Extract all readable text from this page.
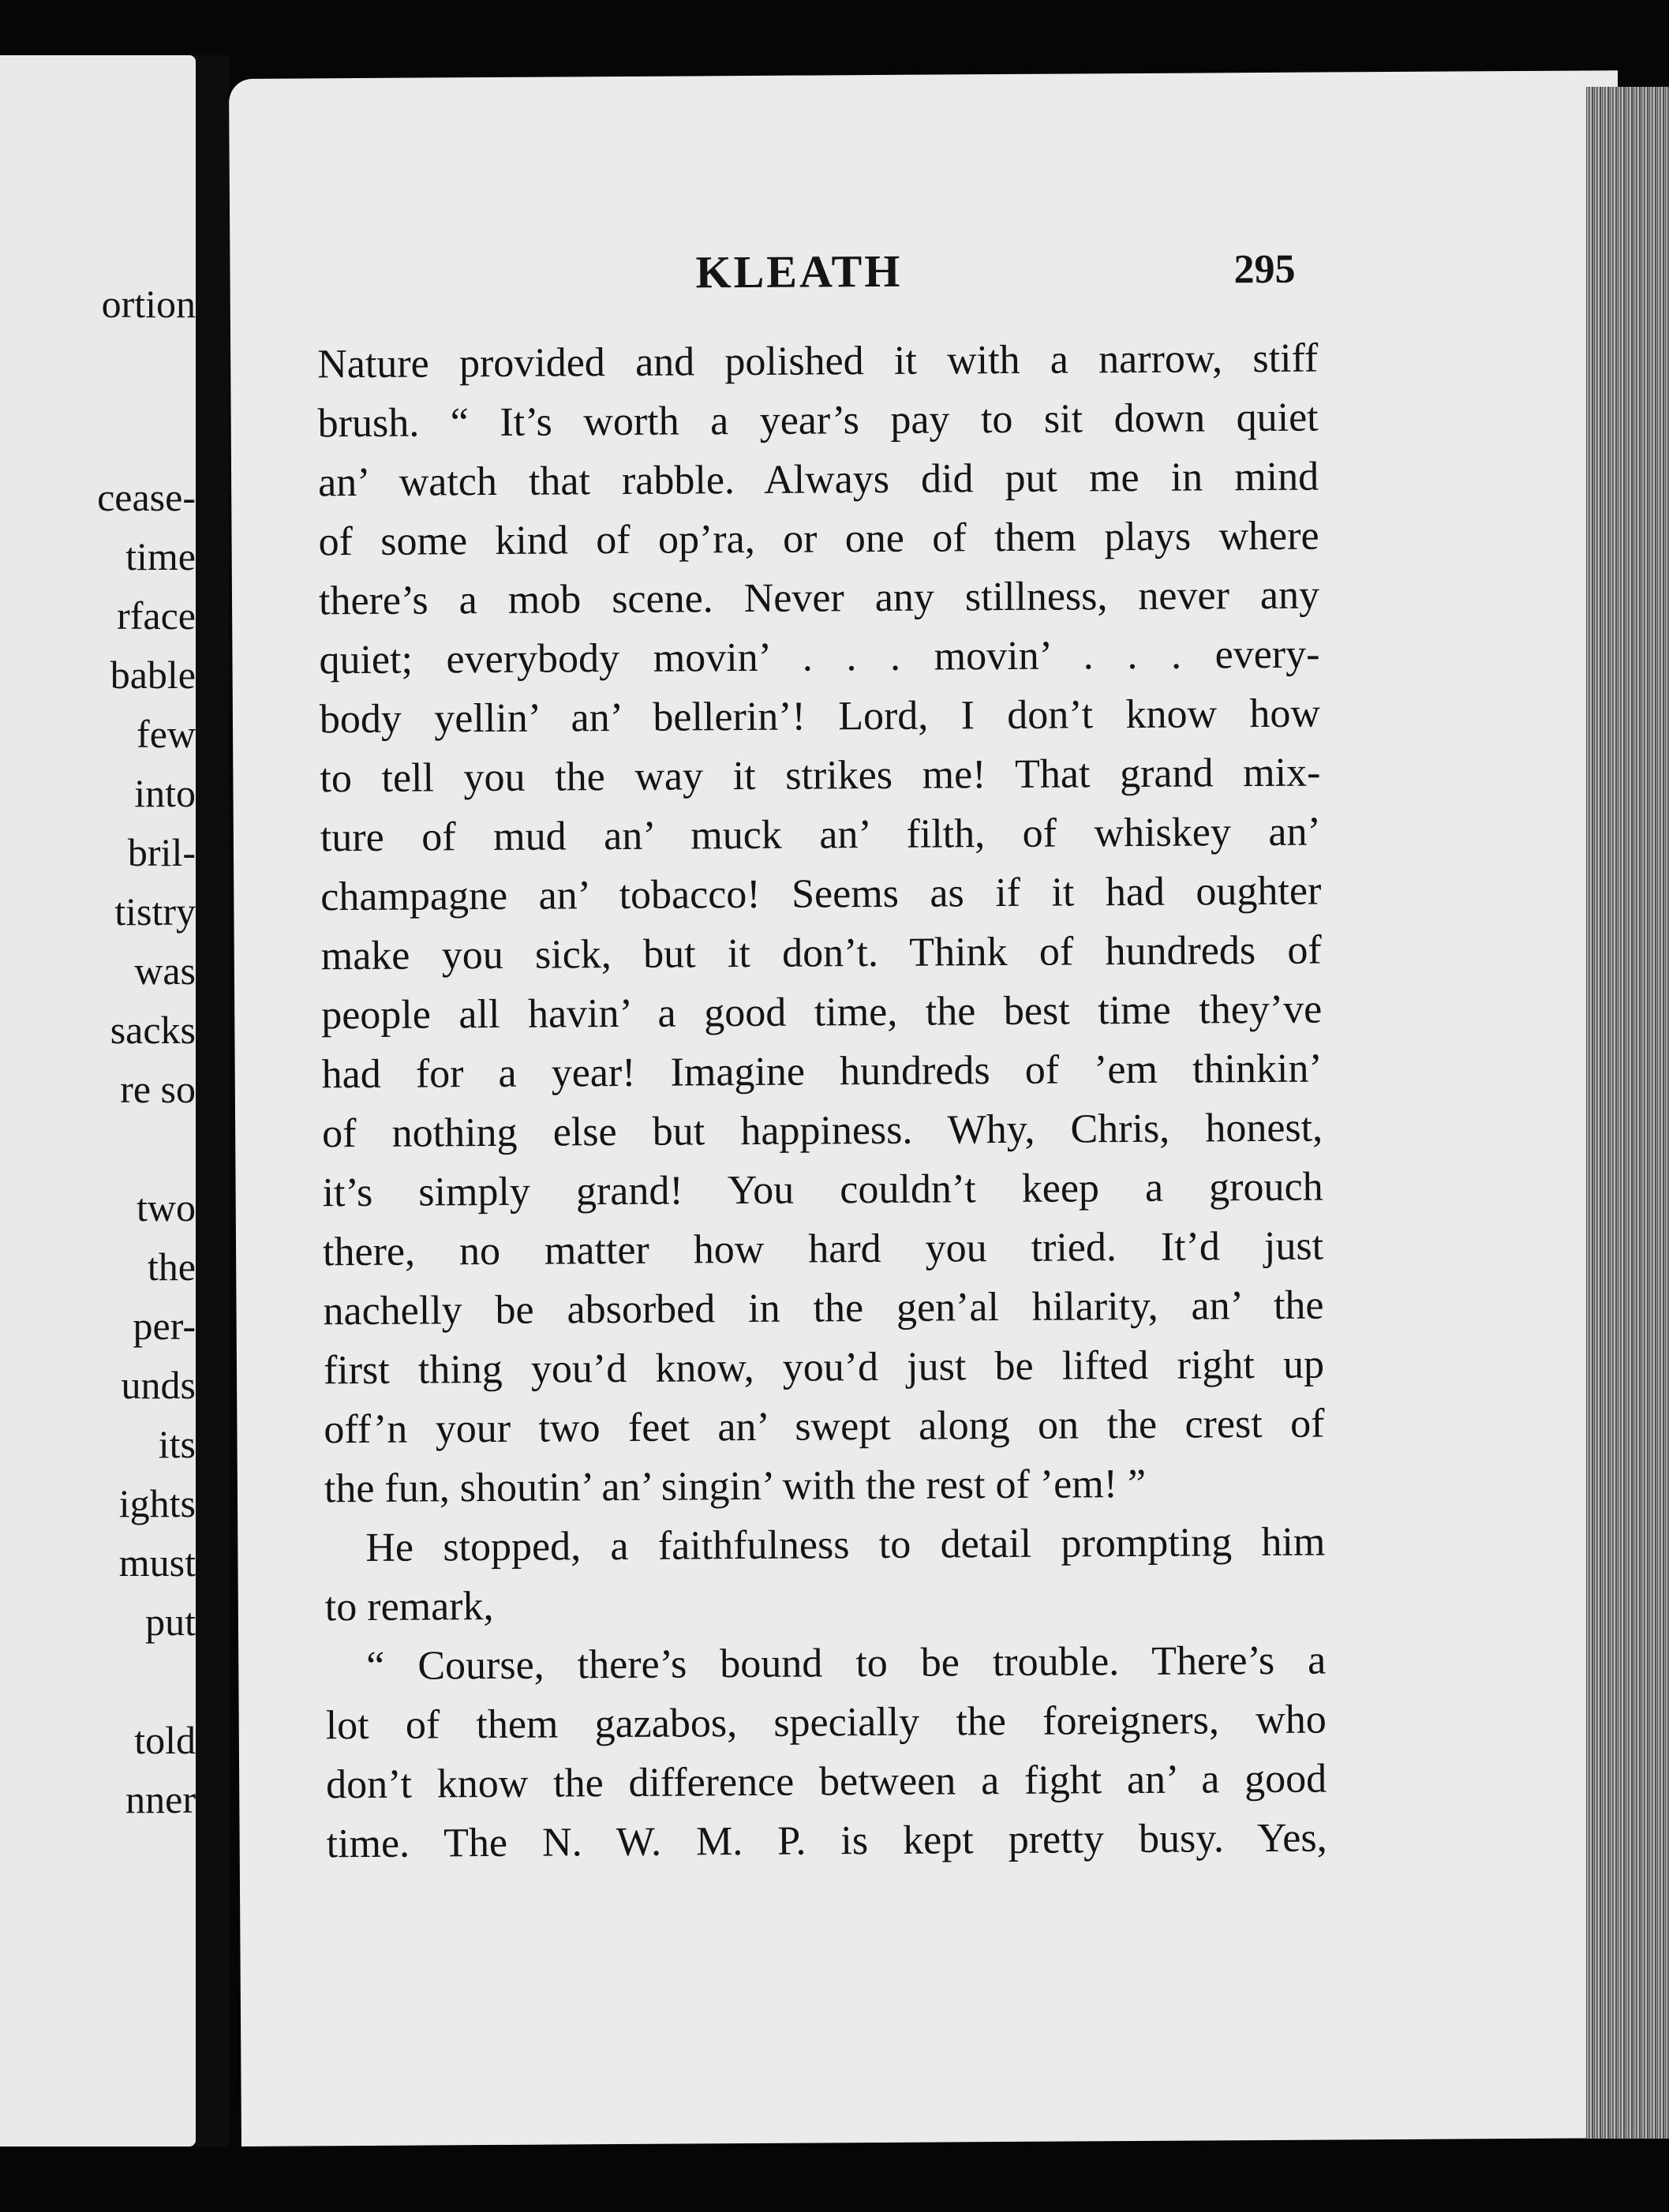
ortion
cease-
time
rface
bable
few
into
bril-
tistry
was
sacks
re so
two
the
per-
unds
its
ights
must
put
told
nner
KLEATH	295
Nature provided and polished it with a narrow, stiff
brush. “ It’s worth a year’s pay to sit down quiet
an’ watch that rabble. Always did put me in mind
of some kind of op’ra, or one of them plays where
there’s a mob scene. Never any stillness, never any
quiet; everybody movin’ . . . movin’ . . . every-
body yellin’ an’ bellerin’! Lord, I don’t know how
to tell you the way it strikes me! That grand mix-
ture of mud an’ muck an’ filth, of whiskey an’
champagne an’ tobacco! Seems as if it had oughter
make you sick, but it don’t. Think of hundreds of
people all havin’ a good time, the best time they’ve
had for a year! Imagine hundreds of ’em thinkin’
of nothing else but happiness. Why, Chris, honest,
it’s simply grand! You couldn’t keep a grouch
there, no matter how hard you tried. It’d just
nachelly be absorbed in the gen’al hilarity, an’ the
first thing you’d know, you’d just be lifted right up
off’n your two feet an’ swept along on the crest of
the fun, shoutin’ an’ singin’ with the rest of ’em! ”
He stopped, a faithfulness to detail prompting him
to remark,
“ Course, there’s bound to be trouble. There’s a
lot of them gazabos, specially the foreigners, who
don’t know the difference between a fight an’ a good
time. The N. W. M. P. is kept pretty busy. Yes,
